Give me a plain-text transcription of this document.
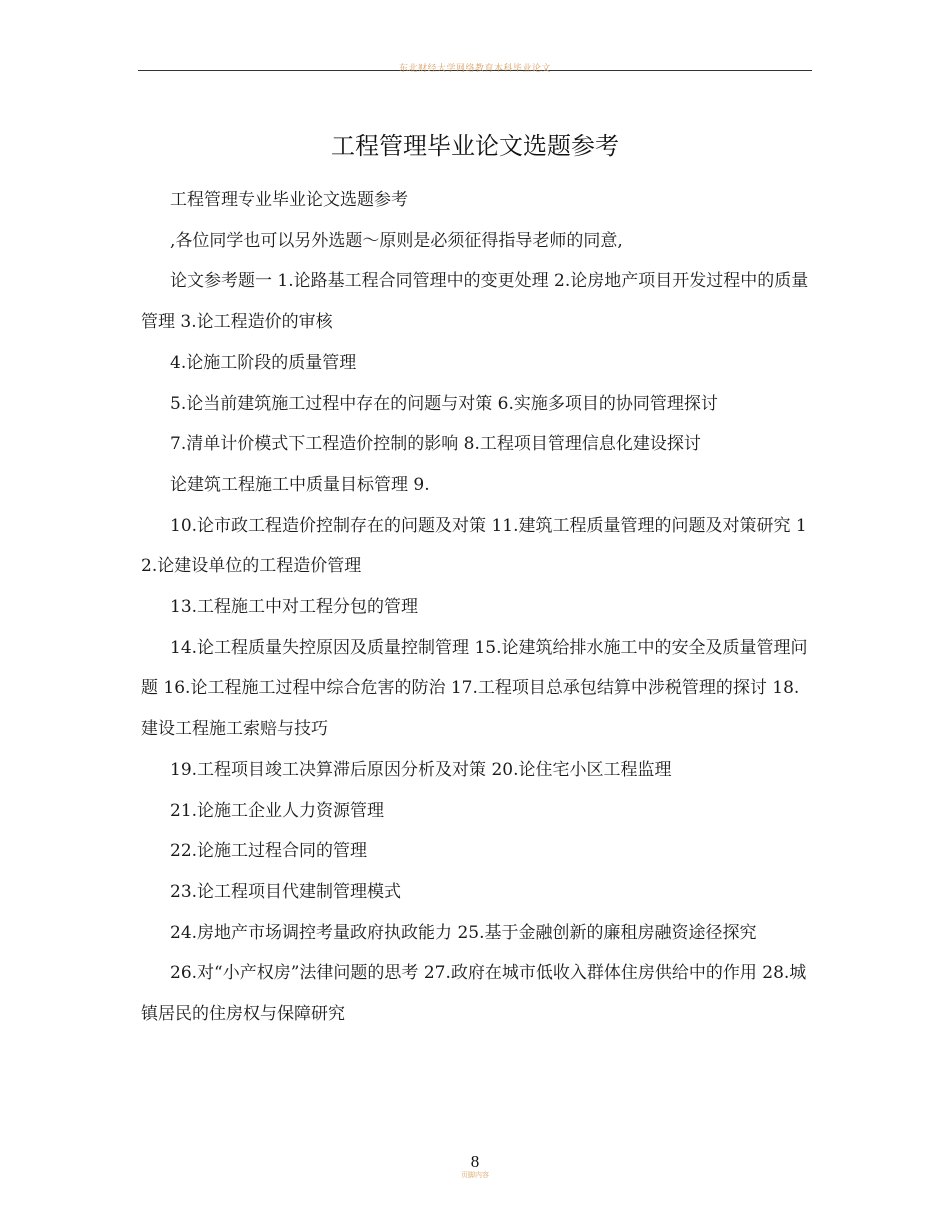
东北财经大学网络教育本科毕业论文
工程管理毕业论文选题参考

工程管理专业毕业论文选题参考

,各位同学也可以另外选题～原则是必须征得指导老师的同意,

论文参考题一 1.论路基工程合同管理中的变更处理 2.论房地产项目开发过程中的质量管理 3.论工程造价的审核

4.论施工阶段的质量管理

5.论当前建筑施工过程中存在的问题与对策 6.实施多项目的协同管理探讨

7.清单计价模式下工程造价控制的影响 8.工程项目管理信息化建设探讨

论建筑工程施工中质量目标管理 9.

10.论市政工程造价控制存在的问题及对策 11.建筑工程质量管理的问题及对策研究 12.论建设单位的工程造价管理

13.工程施工中对工程分包的管理

14.论工程质量失控原因及质量控制管理 15.论建筑给排水施工中的安全及质量管理问题 16.论工程施工过程中综合危害的防治 17.工程项目总承包结算中涉税管理的探讨 18.建设工程施工索赔与技巧

19.工程项目竣工决算滞后原因分析及对策 20.论住宅小区工程监理

21.论施工企业人力资源管理

22.论施工过程合同的管理

23.论工程项目代建制管理模式

24.房地产市场调控考量政府执政能力 25.基于金融创新的廉租房融资途径探究

26.对“小产权房”法律问题的思考 27.政府在城市低收入群体住房供给中的作用 28.城镇居民的住房权与保障研究

8
页脚内容
